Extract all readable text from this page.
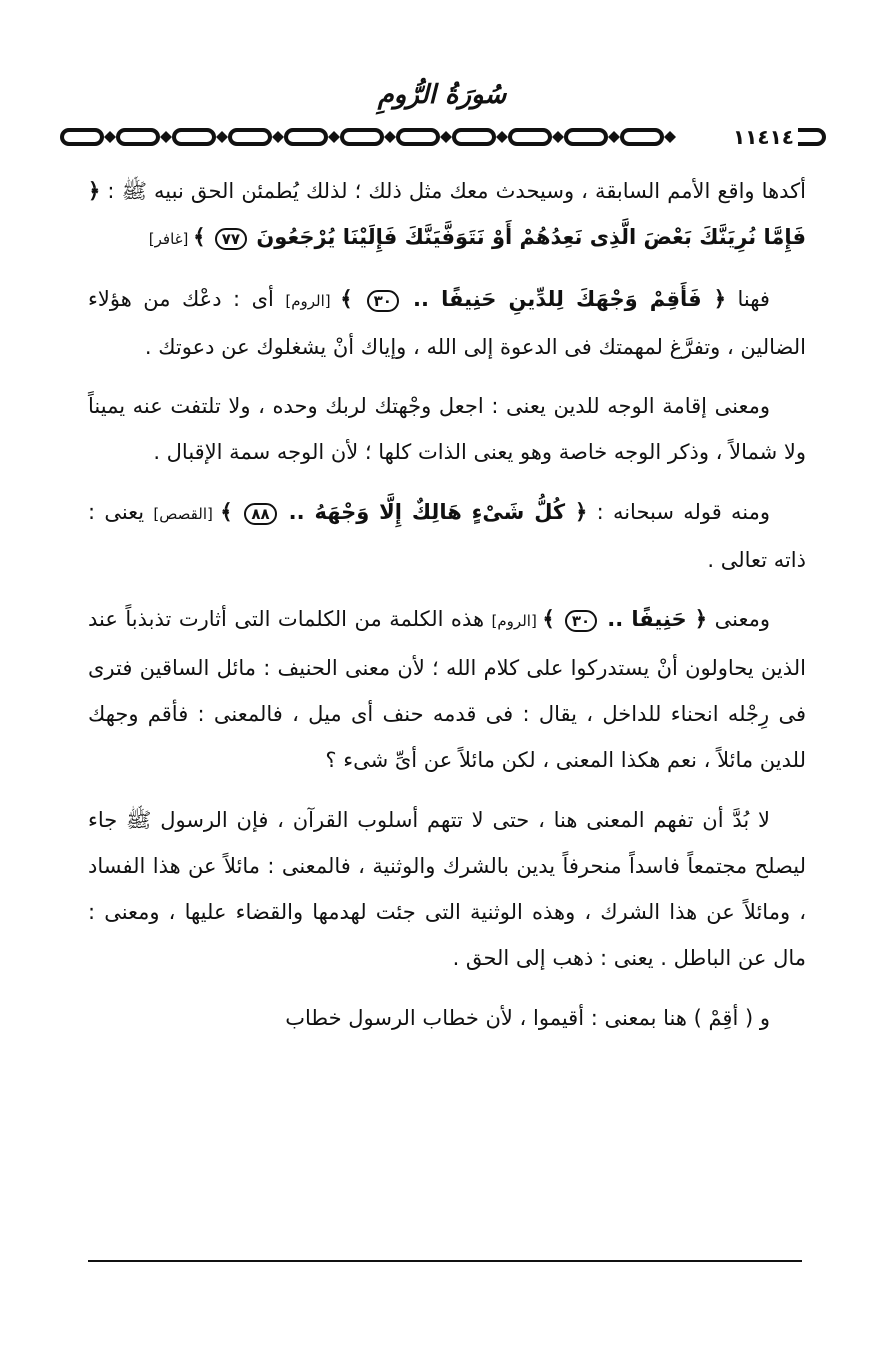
سُورَةُ الرُّومِ
١١٤١٤

أكدها واقع الأمم السابقة ، وسيحدث معك مثل ذلك ؛ لذلك يُطمئن الحق نبيه ﷺ : ﴿ فَإِمَّا نُرِيَنَّكَ بَعْضَ الَّذِى نَعِدُهُمْ أَوْ نَتَوَفَّيَنَّكَ فَإِلَيْنَا يُرْجَعُونَ ٧٧ ﴾ [غافر]

فهنا ﴿ فَأَقِمْ وَجْهَكَ لِلدِّينِ حَنِيفًا .. ٣٠ ﴾ [الروم] أى : دعْك من هؤلاء الضالين ، وتفرَّغ لمهمتك فى الدعوة إلى الله ، وإياك أنْ يشغلوك عن دعوتك .

ومعنى إقامة الوجه للدين يعنى : اجعل وجْهتك لربك وحده ، ولا تلتفت عنه يميناً ولا شمالاً ، وذكر الوجه خاصة وهو يعنى الذات كلها ؛ لأن الوجه سمة الإقبال .

ومنه قوله سبحانه : ﴿ كُلُّ شَىْءٍ هَالِكٌ إِلَّا وَجْهَهُ .. ٨٨ ﴾ [القصص] يعنى : ذاته تعالى .

ومعنى ﴿ حَنِيفًا .. ٣٠ ﴾ [الروم] هذه الكلمة من الكلمات التى أثارت تذبذباً عند الذين يحاولون أنْ يستدركوا على كلام الله ؛ لأن معنى الحنيف : مائل الساقين فترى فى رِجْله انحناء للداخل ، يقال : فى قدمه حنف أى ميل ، فالمعنى : فأقم وجهك للدين مائلاً ، نعم هكذا المعنى ، لكن مائلاً عن أىِّ شىء ؟

لا بُدَّ أن تفهم المعنى هنا ، حتى لا تتهم أسلوب القرآن ، فإن الرسول ﷺ جاء ليصلح مجتمعاً فاسداً منحرفاً يدين بالشرك والوثنية ، فالمعنى : مائلاً عن هذا الفساد ، ومائلاً عن هذا الشرك ، وهذه الوثنية التى جئت لهدمها والقضاء عليها ، ومعنى : مال عن الباطل . يعنى : ذهب إلى الحق .

و ( أقِمْ ) هنا بمعنى : أقيموا ، لأن خطاب الرسول خطاب
